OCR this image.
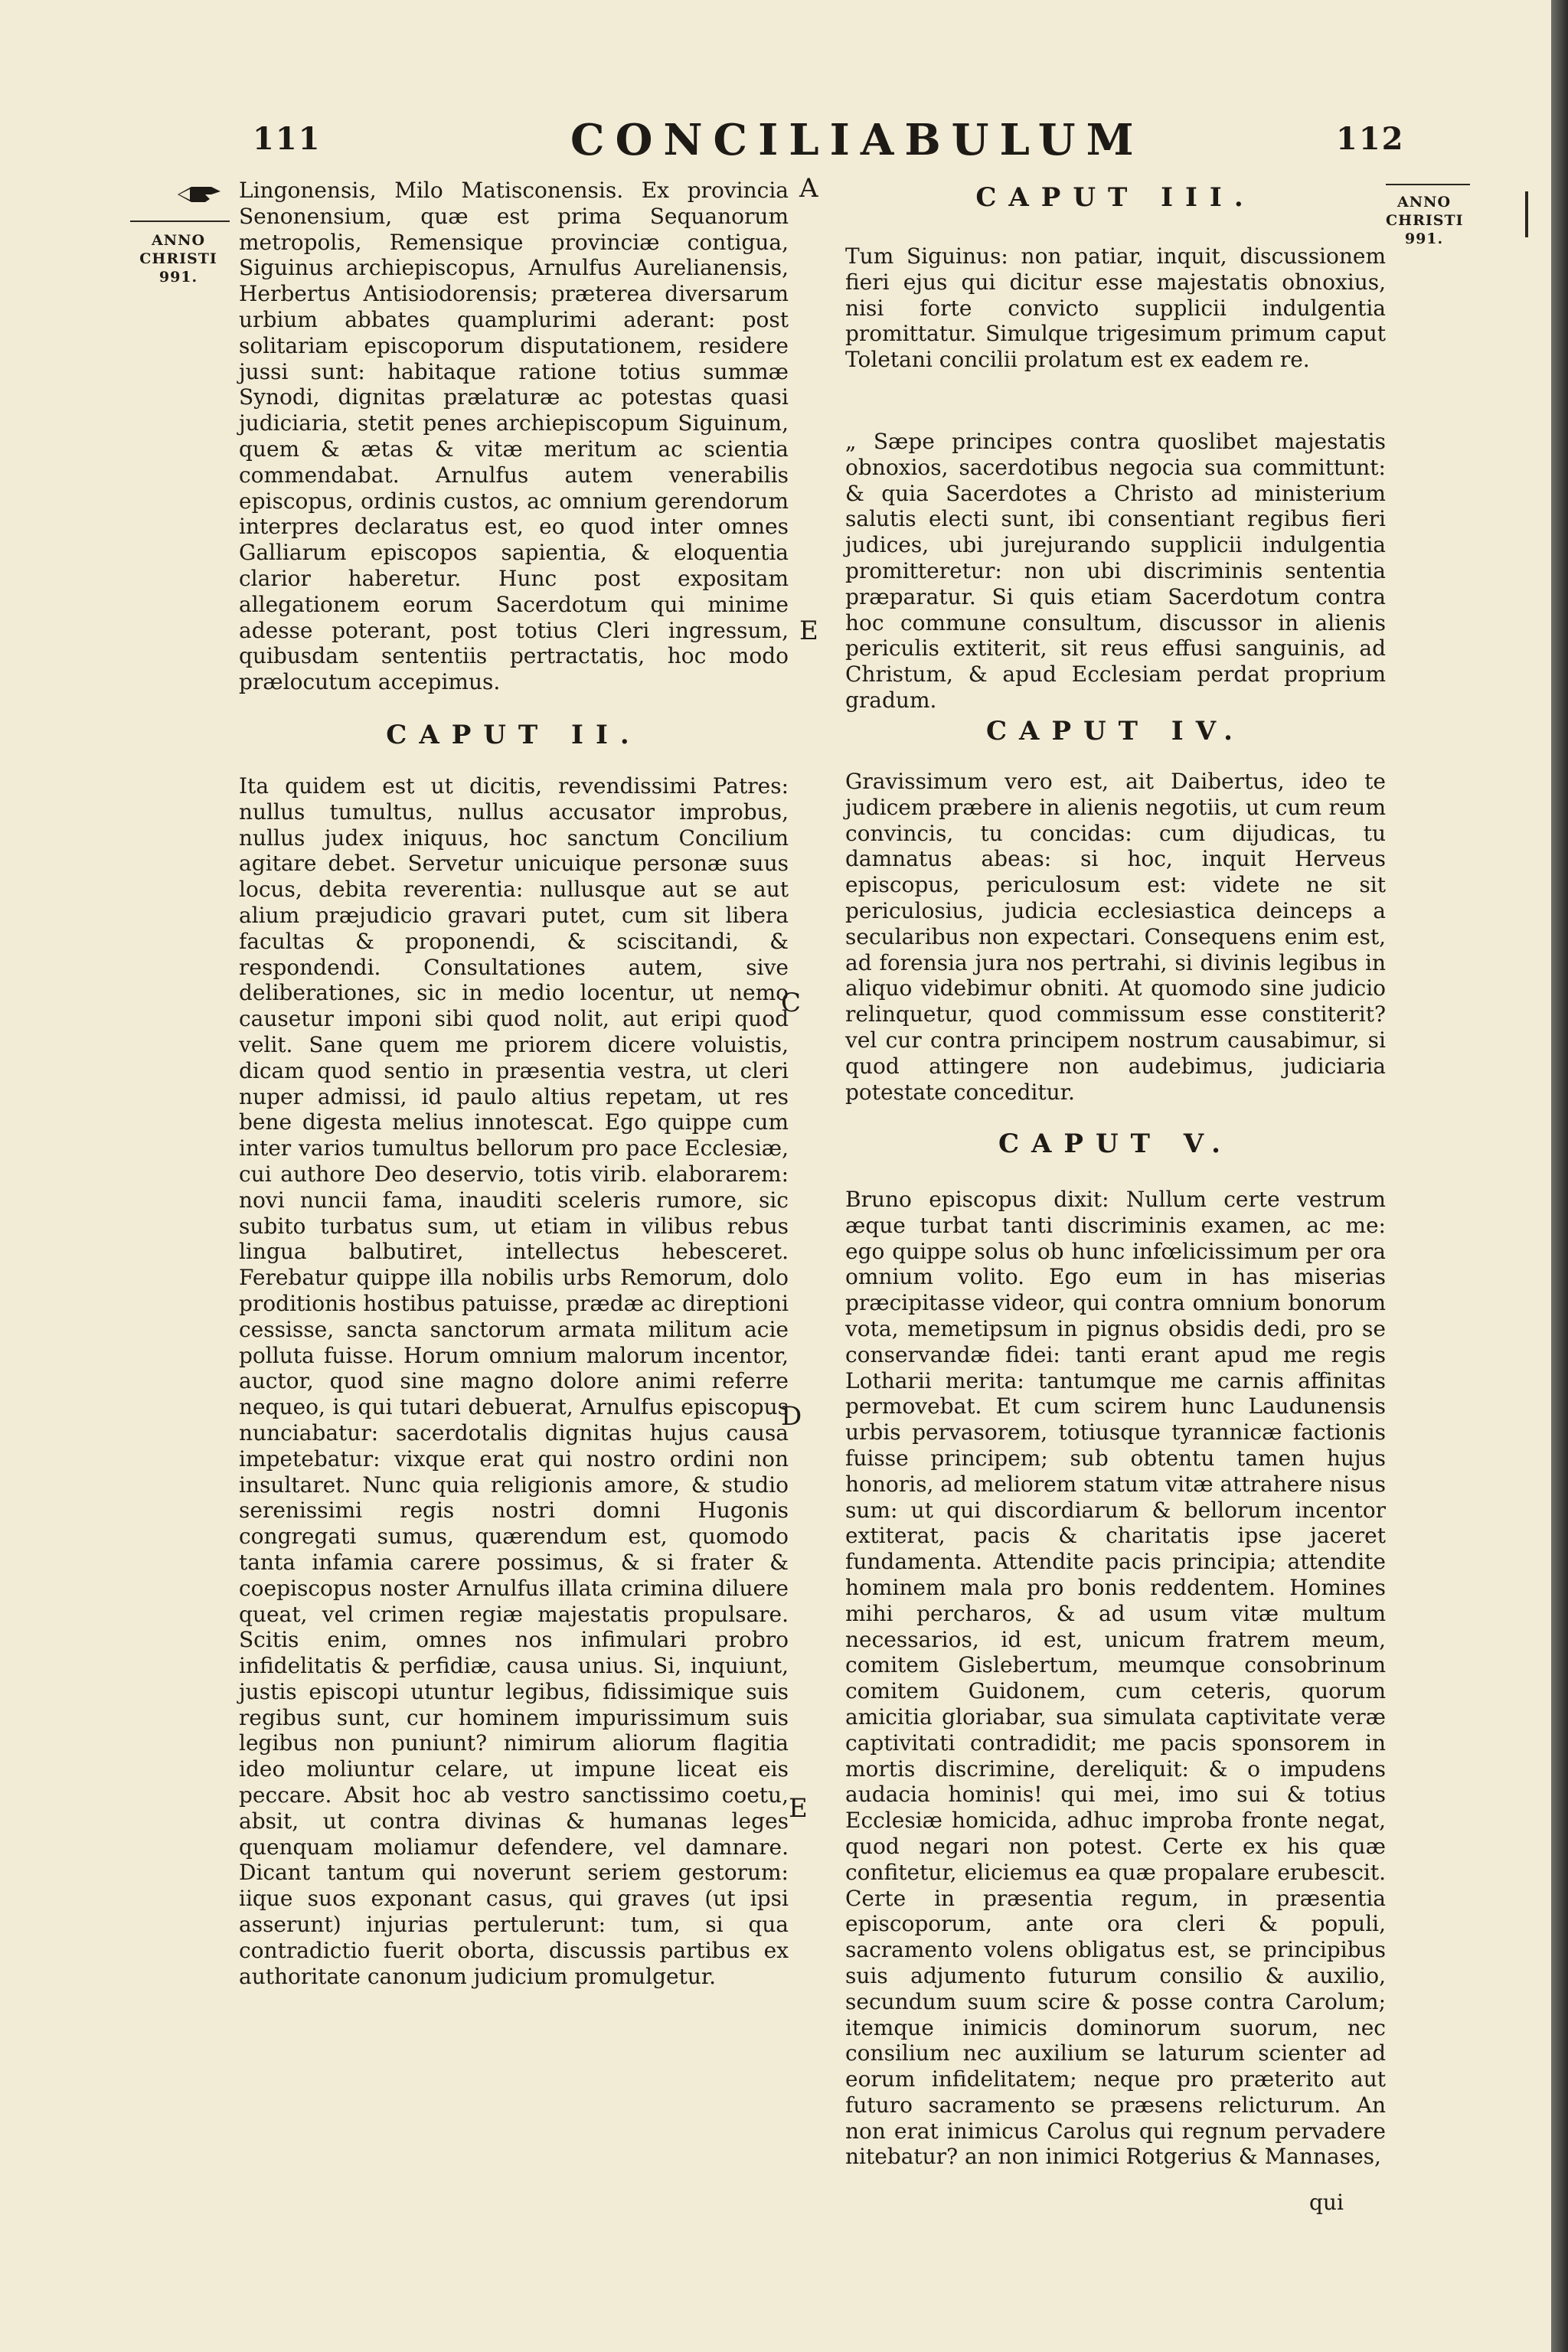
111	CONCILIABULUM	112
ANNO CHRISTI 991.
ANNO CHRISTI 991.
A
E
C
D
E

Lingonensis, Milo Matisconensis. Ex provincia Senonensium, quæ est prima Sequanorum metropolis, Remensique provinciæ contigua, Siguinus archiepiscopus, Arnulfus Aurelianensis, Herbertus Antisiodorensis; præterea diversarum urbium abbates quamplurimi aderant: post solitariam episcoporum disputationem, residere jussi sunt: habitaque ratione totius summæ Synodi, dignitas prælaturæ ac potestas quasi judiciaria, stetit penes archiepiscopum Siguinum, quem & ætas & vitæ meritum ac scientia commendabat. Arnulfus autem venerabilis episcopus, ordinis custos, ac omnium gerendorum interpres declaratus est, eo quod inter omnes Galliarum episcopos sapientia, & eloquentia clarior haberetur. Hunc post expositam allegationem eorum Sacerdotum qui minime adesse poterant, post totius Cleri ingressum, quibusdam sententiis pertractatis, hoc modo prælocutum accepimus.

CAPUT II.

Ita quidem est ut dicitis, revendissimi Patres: nullus tumultus, nullus accusator improbus, nullus judex iniquus, hoc sanctum Concilium agitare debet. Servetur unicuique personæ suus locus, debita reverentia: nullusque aut se aut alium præjudicio gravari putet, cum sit libera facultas & proponendi, & sciscitandi, & respondendi. Consultationes autem, sive deliberationes, sic in medio locentur, ut nemo causetur imponi sibi quod nolit, aut eripi quod velit. Sane quem me priorem dicere voluistis, dicam quod sentio in præsentia vestra, ut cleri nuper admissi, id paulo altius repetam, ut res bene digesta melius innotescat. Ego quippe cum inter varios tumultus bellorum pro pace Ecclesiæ, cui authore Deo deservio, totis virib. elaborarem: novi nuncii fama, inauditi sceleris rumore, sic subito turbatus sum, ut etiam in vilibus rebus lingua balbutiret, intellectus hebesceret. Ferebatur quippe illa nobilis urbs Remorum, dolo proditionis hostibus patuisse, prædæ ac direptioni cessisse, sancta sanctorum armata militum acie polluta fuisse. Horum omnium malorum incentor, auctor, quod sine magno dolore animi referre nequeo, is qui tutari debuerat, Arnulfus episcopus nunciabatur: sacerdotalis dignitas hujus causa impetebatur: vixque erat qui nostro ordini non insultaret. Nunc quia religionis amore, & studio serenissimi regis nostri domni Hugonis congregati sumus, quærendum est, quomodo tanta infamia carere possimus, & si frater & coepiscopus noster Arnulfus illata crimina diluere queat, vel crimen regiæ majestatis propulsare. Scitis enim, omnes nos infimulari probro infidelitatis & perfidiæ, causa unius. Si, inquiunt, justis episcopi utuntur legibus, fidissimique suis regibus sunt, cur hominem impurissimum suis legibus non puniunt? nimirum aliorum flagitia ideo moliuntur celare, ut impune liceat eis peccare. Absit hoc ab vestro sanctissimo coetu, absit, ut contra divinas & humanas leges quenquam moliamur defendere, vel damnare. Dicant tantum qui noverunt seriem gestorum: iique suos exponant casus, qui graves (ut ipsi asserunt) injurias pertulerunt: tum, si qua contradictio fuerit oborta, discussis partibus ex authoritate canonum judicium promulgetur.

CAPUT III.

Tum Siguinus: non patiar, inquit, discussionem fieri ejus qui dicitur esse majestatis obnoxius, nisi forte convicto supplicii indulgentia promittatur. Simulque trigesimum primum caput Toletani concilii prolatum est ex eadem re.

„ Sæpe principes contra quoslibet majestatis obnoxios, sacerdotibus negocia sua committunt: & quia Sacerdotes a Christo ad ministerium salutis electi sunt, ibi consentiant regibus fieri judices, ubi jurejurando supplicii indulgentia promitteretur: non ubi discriminis sententia præparatur. Si quis etiam Sacerdotum contra hoc commune consultum, discussor in alienis periculis extiterit, sit reus effusi sanguinis, ad Christum, & apud Ecclesiam perdat proprium gradum.

CAPUT IV.

Gravissimum vero est, ait Daibertus, ideo te judicem præbere in alienis negotiis, ut cum reum convincis, tu concidas: cum dijudicas, tu damnatus abeas: si hoc, inquit Herveus episcopus, periculosum est: videte ne sit periculosius, judicia ecclesiastica deinceps a secularibus non expectari. Consequens enim est, ad forensia jura nos pertrahi, si divinis legibus in aliquo videbimur obniti. At quomodo sine judicio relinquetur, quod commissum esse constiterit? vel cur contra principem nostrum causabimur, si quod attingere non audebimus, judiciaria potestate conceditur.

CAPUT V.

Bruno episcopus dixit: Nullum certe vestrum æque turbat tanti discriminis examen, ac me: ego quippe solus ob hunc infœlicissimum per ora omnium volito. Ego eum in has miserias præcipitasse videor, qui contra omnium bonorum vota, memetipsum in pignus obsidis dedi, pro se conservandæ fidei: tanti erant apud me regis Lotharii merita: tantumque me carnis affinitas permovebat. Et cum scirem hunc Laudunensis urbis pervasorem, totiusque tyrannicæ factionis fuisse principem; sub obtentu tamen hujus honoris, ad meliorem statum vitæ attrahere nisus sum: ut qui discordiarum & bellorum incentor extiterat, pacis & charitatis ipse jaceret fundamenta. Attendite pacis principia; attendite hominem mala pro bonis reddentem. Homines mihi percharos, & ad usum vitæ multum necessarios, id est, unicum fratrem meum, comitem Gislebertum, meumque consobrinum comitem Guidonem, cum ceteris, quorum amicitia gloriabar, sua simulata captivitate veræ captivitati contradidit; me pacis sponsorem in mortis discrimine, dereliquit: & o impudens audacia hominis! qui mei, imo sui & totius Ecclesiæ homicida, adhuc improba fronte negat, quod negari non potest. Certe ex his quæ confitetur, eliciemus ea quæ propalare erubescit. Certe in præsentia regum, in præsentia episcoporum, ante ora cleri & populi, sacramento volens obligatus est, se principibus suis adjumento futurum consilio & auxilio, secundum suum scire & posse contra Carolum; itemque inimicis dominorum suorum, nec consilium nec auxilium se laturum scienter ad eorum infidelitatem; neque pro præterito aut futuro sacramento se præsens relicturum. An non erat inimicus Carolus qui regnum pervadere nitebatur? an non inimici Rotgerius & Mannases,

qui
